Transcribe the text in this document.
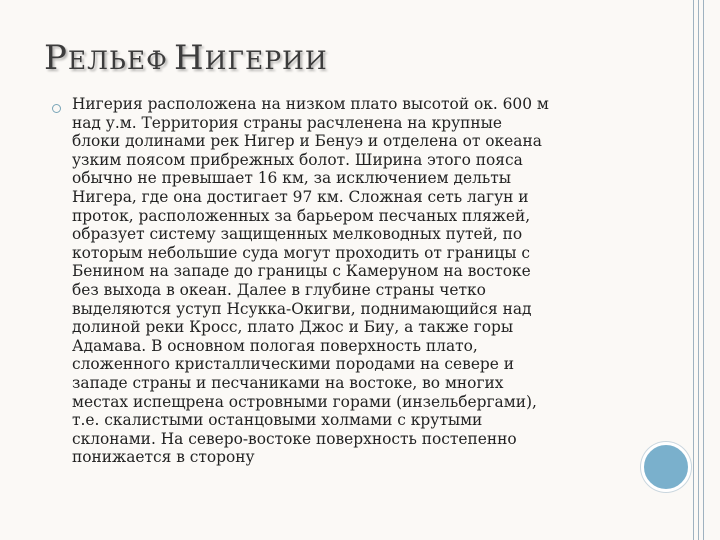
РЕЛЬЕФ НИГЕРИИ
Нигерия расположена на низком плато высотой ок. 600 м
над у.м. Территория страны расчленена на крупные
блоки долинами рек Нигер и Бенуэ и отделена от океана
узким поясом прибрежных болот. Ширина этого пояса
обычно не превышает 16 км, за исключением дельты
Нигера, где она достигает 97 км. Сложная сеть лагун и
проток, расположенных за барьером песчаных пляжей,
образует систему защищенных мелководных путей, по
которым небольшие суда могут проходить от границы с
Бенином на западе до границы с Камеруном на востоке
без выхода в океан. Далее в глубине страны четко
выделяются уступ Нсукка-Окигви, поднимающийся над
долиной реки Кросс, плато Джос и Биу, а также горы
Адамава. В основном пологая поверхность плато,
сложенного кристаллическими породами на севере и
западе страны и песчаниками на востоке, во многих
местах испещрена островными горами (инзельбергами),
т.е. скалистыми останцовыми холмами с крутыми
склонами. На северо-востоке поверхность постепенно
понижается в сторону
